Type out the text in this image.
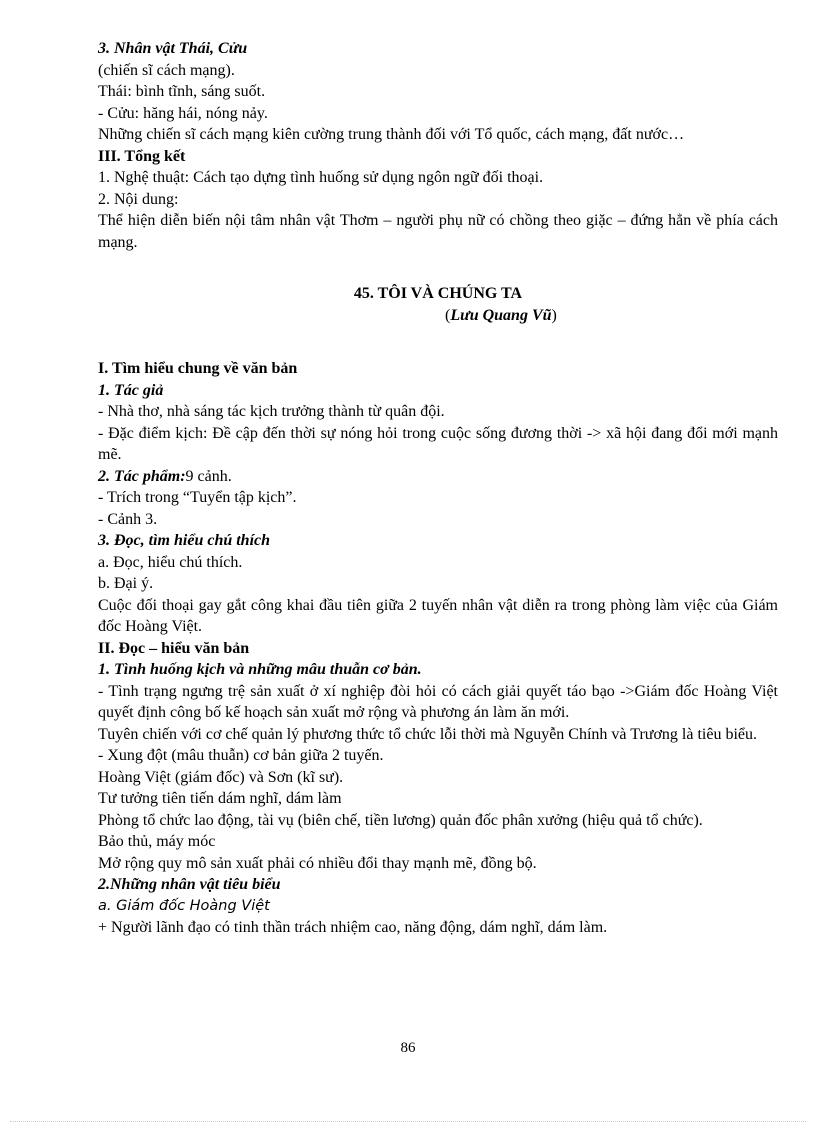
3. Nhân vật Thái, Cửu

(chiến sĩ cách mạng).

Thái: bình tĩnh, sáng suốt.

- Cửu: hăng hái, nóng nảy.

Những chiến sĩ cách mạng kiên cường trung thành đối với Tổ quốc, cách mạng, đất nước…

III. Tổng kết

1. Nghệ thuật: Cách tạo dựng tình huống sử dụng ngôn ngữ đối thoại.

2. Nội dung:

Thể hiện diễn biến nội tâm nhân vật Thơm – người phụ nữ có chồng theo giặc – đứng hẳn về phía cách mạng.

45. TÔI VÀ CHÚNG TA

(Lưu Quang Vũ)

I. Tìm hiểu chung về văn bản

1. Tác giả

- Nhà thơ, nhà sáng tác kịch trưởng thành từ quân đội.

- Đặc điểm kịch: Đề cập đến thời sự nóng hỏi trong cuộc sống đương thời -> xã hội đang đổi mới mạnh mẽ.

2. Tác phẩm:9 cảnh.

- Trích trong “Tuyển tập kịch”.

- Cảnh 3.

3. Đọc, tìm hiểu chú thích

a. Đọc, hiểu chú thích.

b. Đại ý.

Cuộc đối thoại gay gắt công khai đầu tiên giữa 2 tuyến nhân vật diễn ra trong phòng làm việc của Giám đốc Hoàng Việt.

II. Đọc – hiểu văn bản

1. Tình huống kịch và những mâu thuẫn cơ bản.

- Tình trạng ngưng trệ sản xuất ở xí nghiệp đòi hỏi có cách giải quyết táo bạo ->Giám đốc Hoàng Việt quyết định công bố kế hoạch sản xuất mở rộng và phương án làm ăn mới.

Tuyên chiến với cơ chế quản lý phương thức tổ chức lỗi thời mà Nguyễn Chính và Trương là tiêu biểu.

- Xung đột (mâu thuẫn) cơ bản giữa 2 tuyến.

Hoàng Việt (giám đốc) và Sơn (kĩ sư).

Tư tưởng tiên tiến dám nghĩ, dám làm

Phòng tổ chức lao động, tài vụ (biên chế, tiền lương) quản đốc phân xưởng (hiệu quả tổ chức).

Bảo thủ, máy móc

Mở rộng quy mô sản xuất phải có nhiều đổi thay mạnh mẽ, đồng bộ.

2.Những nhân vật tiêu biểu

a. Giám đốc Hoàng Việt

+ Người lãnh đạo có tinh thần trách nhiệm cao, năng động, dám nghĩ, dám làm.

86
